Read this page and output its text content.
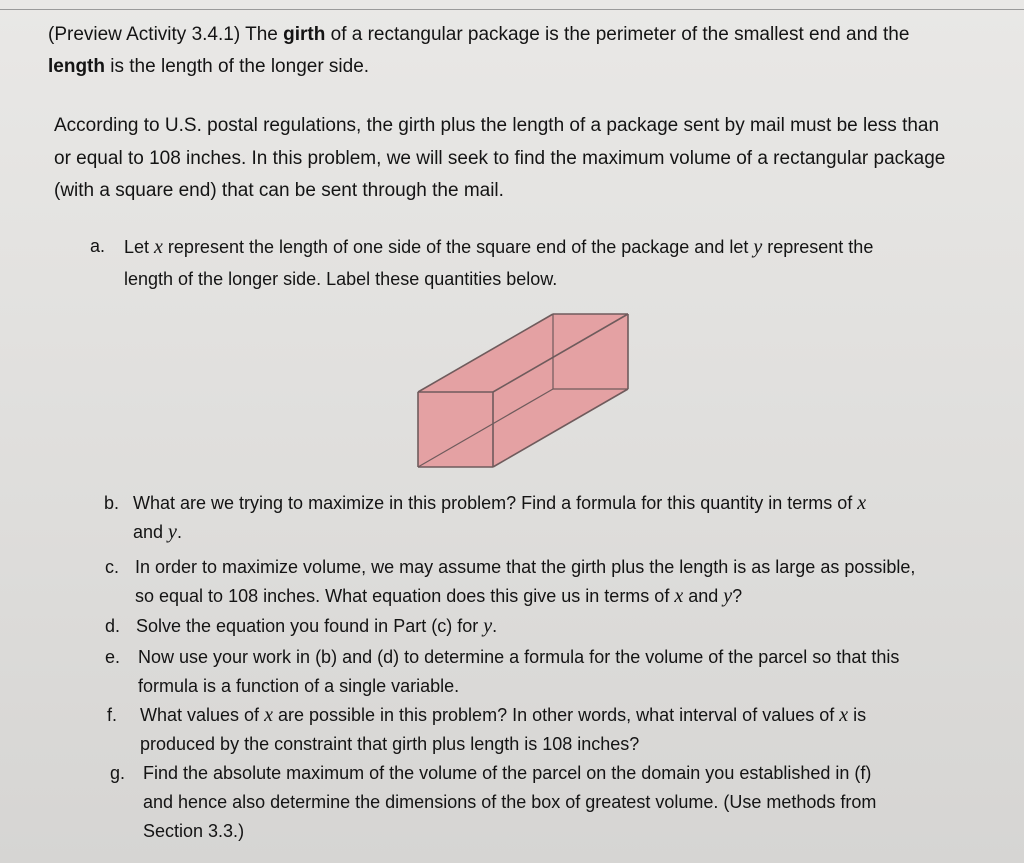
(Preview Activity 3.4.1) The girth of a rectangular package is the perimeter of the smallest end and the length is the length of the longer side.

According to U.S. postal regulations, the girth plus the length of a package sent by mail must be less than or equal to 108 inches. In this problem, we will seek to find the maximum volume of a rectangular package (with a square end) that can be sent through the mail.

a. Let x represent the length of one side of the square end of the package and let y represent the length of the longer side. Label these quantities below.

b. What are we trying to maximize in this problem? Find a formula for this quantity in terms of x and y.

c. In order to maximize volume, we may assume that the girth plus the length is as large as possible, so equal to 108 inches. What equation does this give us in terms of x and y?

d. Solve the equation you found in Part (c) for y.

e. Now use your work in (b) and (d) to determine a formula for the volume of the parcel so that this formula is a function of a single variable.

f. What values of x are possible in this problem? In other words, what interval of values of x is produced by the constraint that girth plus length is 108 inches?

g. Find the absolute maximum of the volume of the parcel on the domain you established in (f) and hence also determine the dimensions of the box of greatest volume. (Use methods from Section 3.3.)
